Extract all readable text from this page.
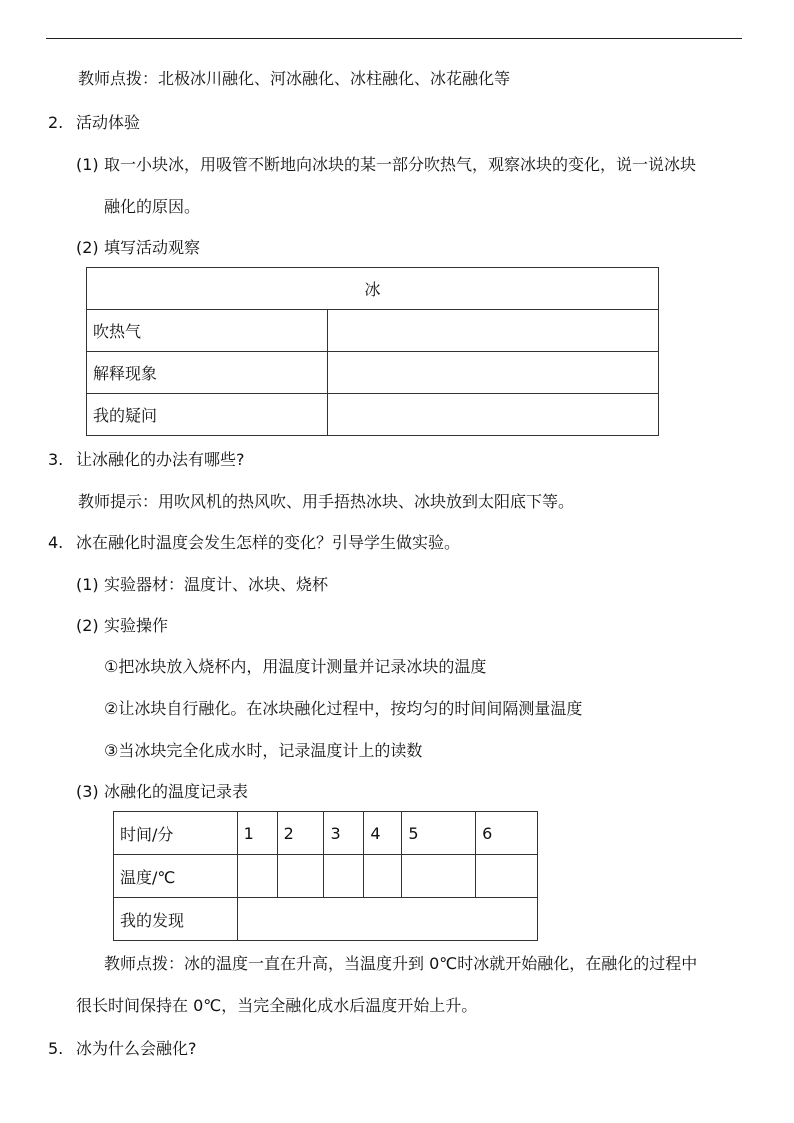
教师点拨：北极冰川融化、河冰融化、冰柱融化、冰花融化等
2. 活动体验
(1) 取一小块冰，用吸管不断地向冰块的某一部分吹热气，观察冰块的变化，说一说冰块
融化的原因。
(2) 填写活动观察
冰	
吹热气	
解释现象	
我的疑问	
3. 让冰融化的办法有哪些?
教师提示：用吹风机的热风吹、用手捂热冰块、冰块放到太阳底下等。
4. 冰在融化时温度会发生怎样的变化？引导学生做实验。
(1) 实验器材：温度计、冰块、烧杯
(2) 实验操作
①把冰块放入烧杯内，用温度计测量并记录冰块的温度
②让冰块自行融化。在冰块融化过程中，按均匀的时间间隔测量温度
③当冰块完全化成水时，记录温度计上的读数
(3) 冰融化的温度记录表
时间/分	1	2	3	4	5	6
温度/℃						
我的发现						
教师点拨：冰的温度一直在升高，当温度升到 0℃时冰就开始融化，在融化的过程中
很长时间保持在 0℃，当完全融化成水后温度开始上升。
5. 冰为什么会融化?
